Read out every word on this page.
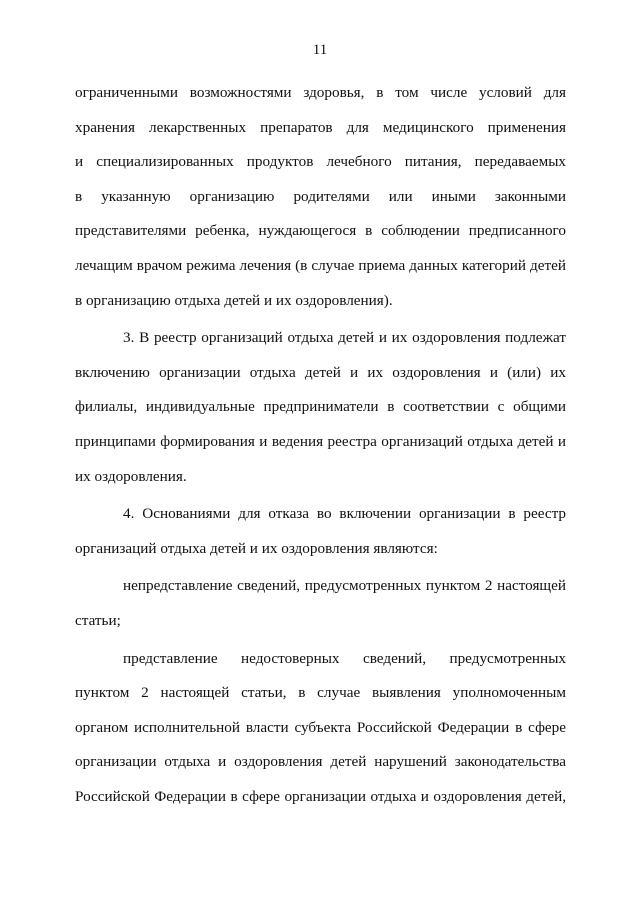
11
ограниченными возможностями здоровья, в том числе условий для
хранения лекарственных препаратов для медицинского применения
и специализированных продуктов лечебного питания, передаваемых
в указанную организацию родителями или иными законными
представителями ребенка, нуждающегося в соблюдении предписанного
лечащим врачом режима лечения (в случае приема данных категорий детей
в организацию отдыха детей и их оздоровления).
3. В реестр организаций отдыха детей и их оздоровления подлежат
включению организации отдыха детей и их оздоровления и (или) их
филиалы, индивидуальные предприниматели в соответствии с общими
принципами формирования и ведения реестра организаций отдыха детей и
их оздоровления.
4. Основаниями для отказа во включении организации в реестр
организаций отдыха детей и их оздоровления являются:
непредставление сведений, предусмотренных пунктом 2 настоящей
статьи;
представление недостоверных сведений, предусмотренных
пунктом 2 настоящей статьи, в случае выявления уполномоченным
органом исполнительной власти субъекта Российской Федерации в сфере
организации отдыха и оздоровления детей нарушений законодательства
Российской Федерации в сфере организации отдыха и оздоровления детей,
